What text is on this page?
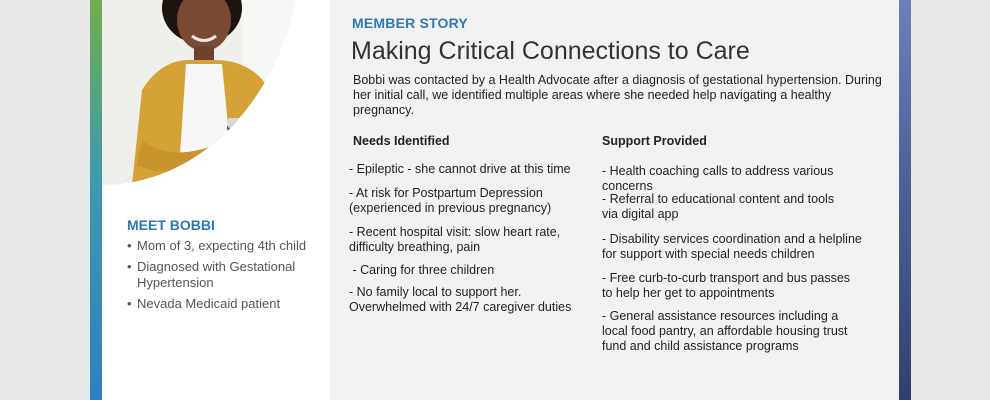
MEMBER STORY
Making Critical Connections to Care
Bobbi was contacted by a Health Advocate after a diagnosis of gestational hypertension. During her initial call, we identified multiple areas where she needed help navigating a healthy pregnancy.
Needs Identified
- Epileptic - she cannot drive at this time
- At risk for Postpartum Depression (experienced in previous pregnancy)
- Recent hospital visit: slow heart rate, difficulty breathing, pain
- Caring for three children
- No family local to support her. Overwhelmed with 24/7 caregiver duties
Support Provided
- Health coaching calls to address various concerns
- Referral to educational content and tools via digital app
- Disability services coordination and a helpline for support with special needs children
- Free curb-to-curb transport and bus passes to help her get to appointments
- General assistance resources including a local food pantry, an affordable housing trust fund and child assistance programs
MEET BOBBI
• Mom of 3, expecting 4th child
• Diagnosed with Gestational Hypertension
• Nevada Medicaid patient
